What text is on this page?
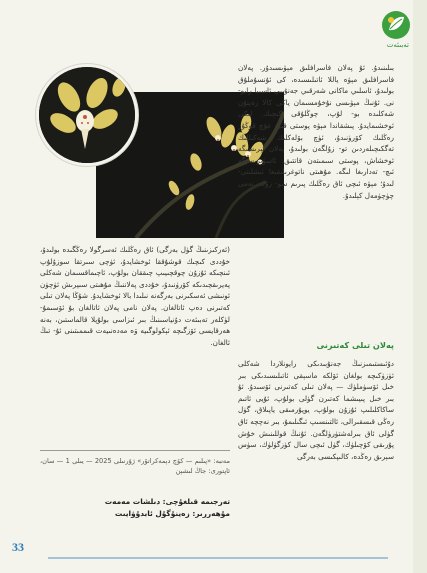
تەبىئەت

بىلىنىدۇ. ئۇ پەلان فاسرافلىق مېۋىسىدۇر. پەلان فاسرافلىق مېۋە ياللا ئاتىلىسىدە، كى ئۇنسۇملۇق بولىدۇ، ئاسلىي ماكانى شەرقىي جەنۇبىي ئاسىيا رايو- نى. ئۇنىڭ مېۋىسى نۇخۇمسىمان ياكى كالا زەيتۇن شەكلىدە بو- لۇپ، چوڭلۇقى كىچىك. لىكى ئوخشىمايدۇ. پىشقاندا مېۋە پوستى قىز- غۇچ قوڭۇر رەڭلىك كۆرۈنىدۇ، ئۈچ بۆلەكلىك شەكىللىك تەگكىچىلەردىن تو- زۇلگەن بولىدۇ، پەلان تېرىسىگە ئوخشاش، پوستى سىمىتەن قاتتىق، ئاسۋىرىسىگە ئىچ- تەدارىغا لىگە. مۇھىتى ناتوغرىلىقىغا ئىشلىتى- لىدۇ؛ مېۋە ئىچى ئاق رەڭلىك پىرىم سو- زۇك، تەمى چۈچۈمەل كېلىدۇ.

پەلان تىلى كەتىرنى

دۇئىستىمىزنىڭ جەنۇبىدىكى رايونلاردا شەكلى ئۈزۈكىچە بولغان ئۆلكە ماسېقى ئاتىلىسىدىكى بىر خىل ئۆسۈملۈك — پەلان تىلى كەتىرنى ئۆسىدۇ. ئۇ بىر خىل پىيىشما كەتىرن گۈلى بولۇپ، ئۇيى ئاتىم ساكاكلىلىپ ئۇزۇن بولۇپ، يوپۇرمىقى ياپىلاق، گۈل رەڭى قىسقىرالى، ئالتىنسىپ ئىگىلىمۇ، بىر نەچچە ئاق گۈلى ئاق بىرلەشتۈرۈلگەن. ئۇنىڭ قوللىنىش خۇش پۇرىقى كۆچىلۈك، گۈل ئىچى سال كۈزگۈلۈك، سۈس سېرىق رەڭدە، كالىپكىسى بەرگى

(ئەركىزىنىڭ گۈل بەرگى) ئاق رەڭلىك ئەسرگولا رەڭگىدە بولىدۇ، خۇددى كىچىك قوشۇققا ئوخشايدۇ، ئۈچى سىرتقا سوزۇلۇپ ئىنچىكە ئۇزۇن چوقچىيىپ چىققان بولۇپ، ئاچىماقسىمان شەكلى پەيرىقچىدىكە كۆرۈنىدۇ، خۇددى پەلاننىڭ مۇھىتى سىپرىش ئۈچۈن ئونىشى ئەسكىرنى بەرگەنە نىلىدا بالا ئوخشايدۇ. شۇڭا پەلان تىلى كەتىرنى دەپ ئاتالغان. پەلان نامى پەلان ئاتالغان بۇ ئۆسىمۇ- لۈكلەر تەبىئەت دۇنياسىنىڭ بىر ئىزاسى بولۇپلا قالماستىن، بەنە ھەرقايسى ئۆزگىچە ئېكولوگىيە ۋە مەدەنىيەت قىممىتىنى ئۇ- تىڭ ئالغان.

مەنبە: «پىلىم — كۆچ دېمەكراتۇر» ژۇرنىلى 2025 — يىلى 1 — سان، ئاپتورى: جاڭ لىشېن
تەرجىمە قىلغۇچى: دىلشات مەمەت
مۇھەررىر: زەينۇگۇل ئابدۇۋايىت
33
